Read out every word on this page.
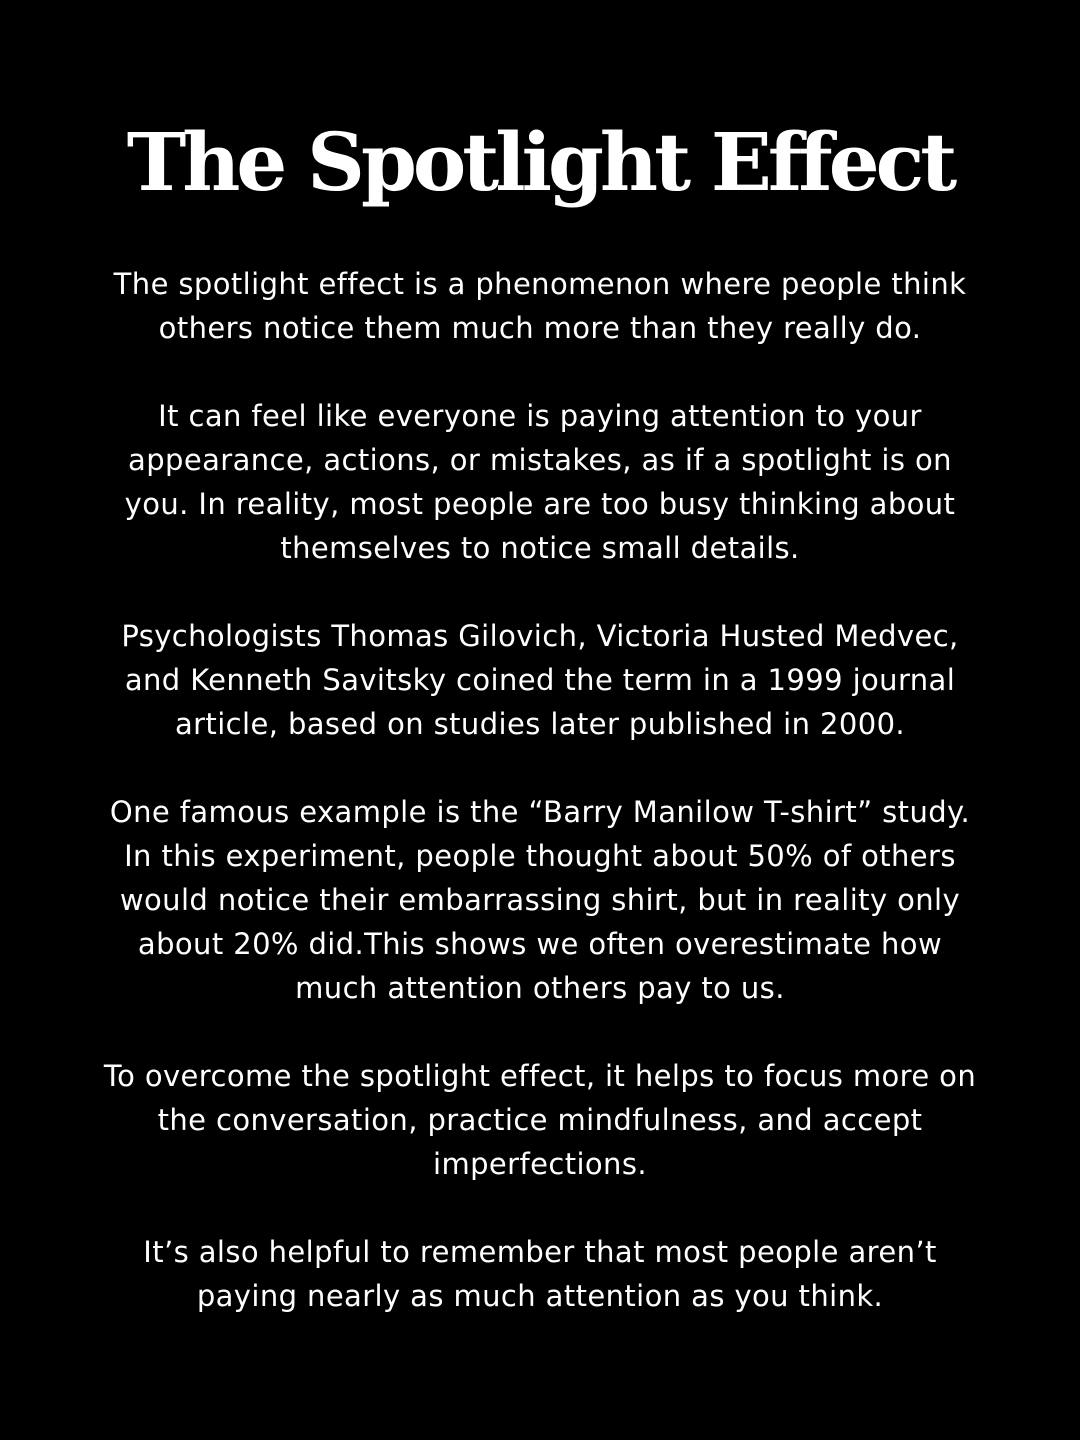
The Spotlight Effect

The spotlight effect is a phenomenon where people think
others notice them much more than they really do.

It can feel like everyone is paying attention to your
appearance, actions, or mistakes, as if a spotlight is on
you. In reality, most people are too busy thinking about
themselves to notice small details.

Psychologists Thomas Gilovich, Victoria Husted Medvec,
and Kenneth Savitsky coined the term in a 1999 journal
article, based on studies later published in 2000.

One famous example is the “Barry Manilow T-shirt” study.
In this experiment, people thought about 50% of others
would notice their embarrassing shirt, but in reality only
about 20% did.This shows we often overestimate how
much attention others pay to us.

To overcome the spotlight effect, it helps to focus more on
the conversation, practice mindfulness, and accept
imperfections.

It’s also helpful to remember that most people aren’t
paying nearly as much attention as you think.
